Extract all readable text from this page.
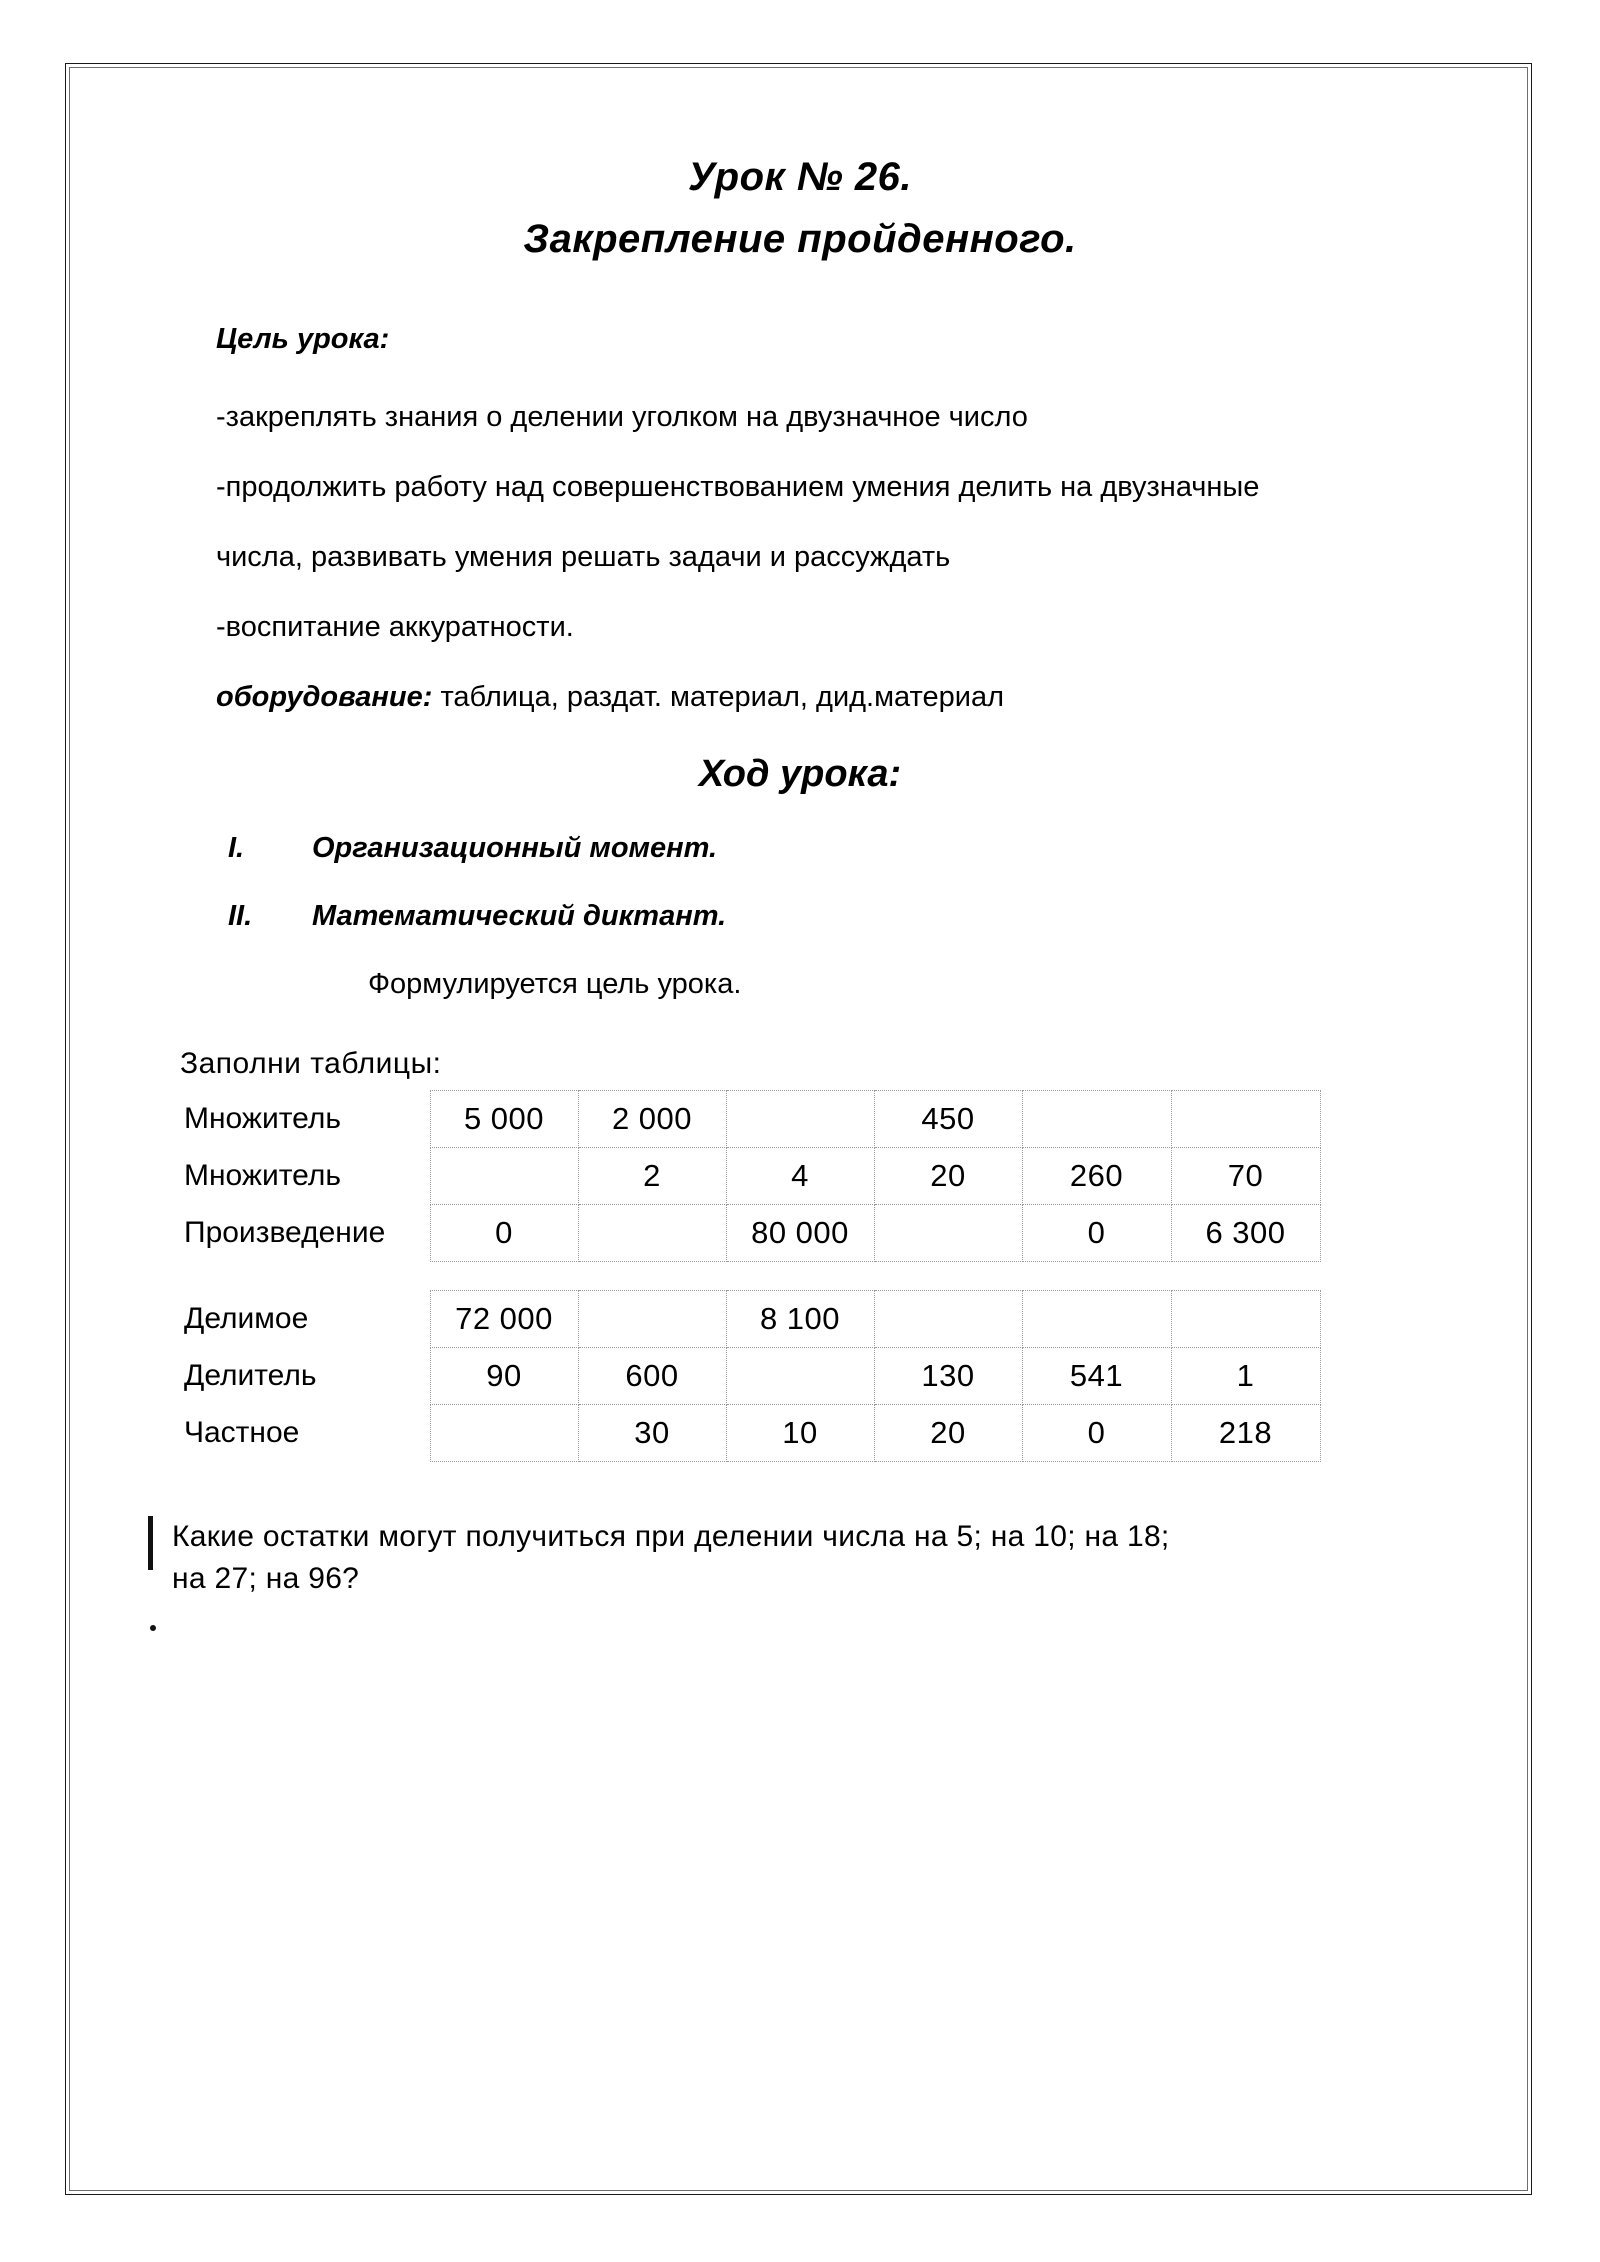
Урок № 26.
Закрепление пройденного.
Цель урока:
-закреплять знания о делении уголком на двузначное число
-продолжить работу над совершенствованием умения делить на двузначные
числа, развивать умения решать задачи и рассуждать
-воспитание аккуратности.
оборудование: таблица, раздат. материал, дид.материал
Ход урока:
I. Организационный момент.
II. Математический диктант.
Формулируется цель урока.
Заполни таблицы:
Множитель	5 000	2 000		450		
Множитель		2	4	20	260	70
Произведение	0		80 000		0	6 300
Делимое	72 000		8 100			
Делитель	90	600		130	541	1
Частное		30	10	20	0	218
Какие остатки могут получиться при делении числа на 5; на 10; на 18;
на 27; на 96?
